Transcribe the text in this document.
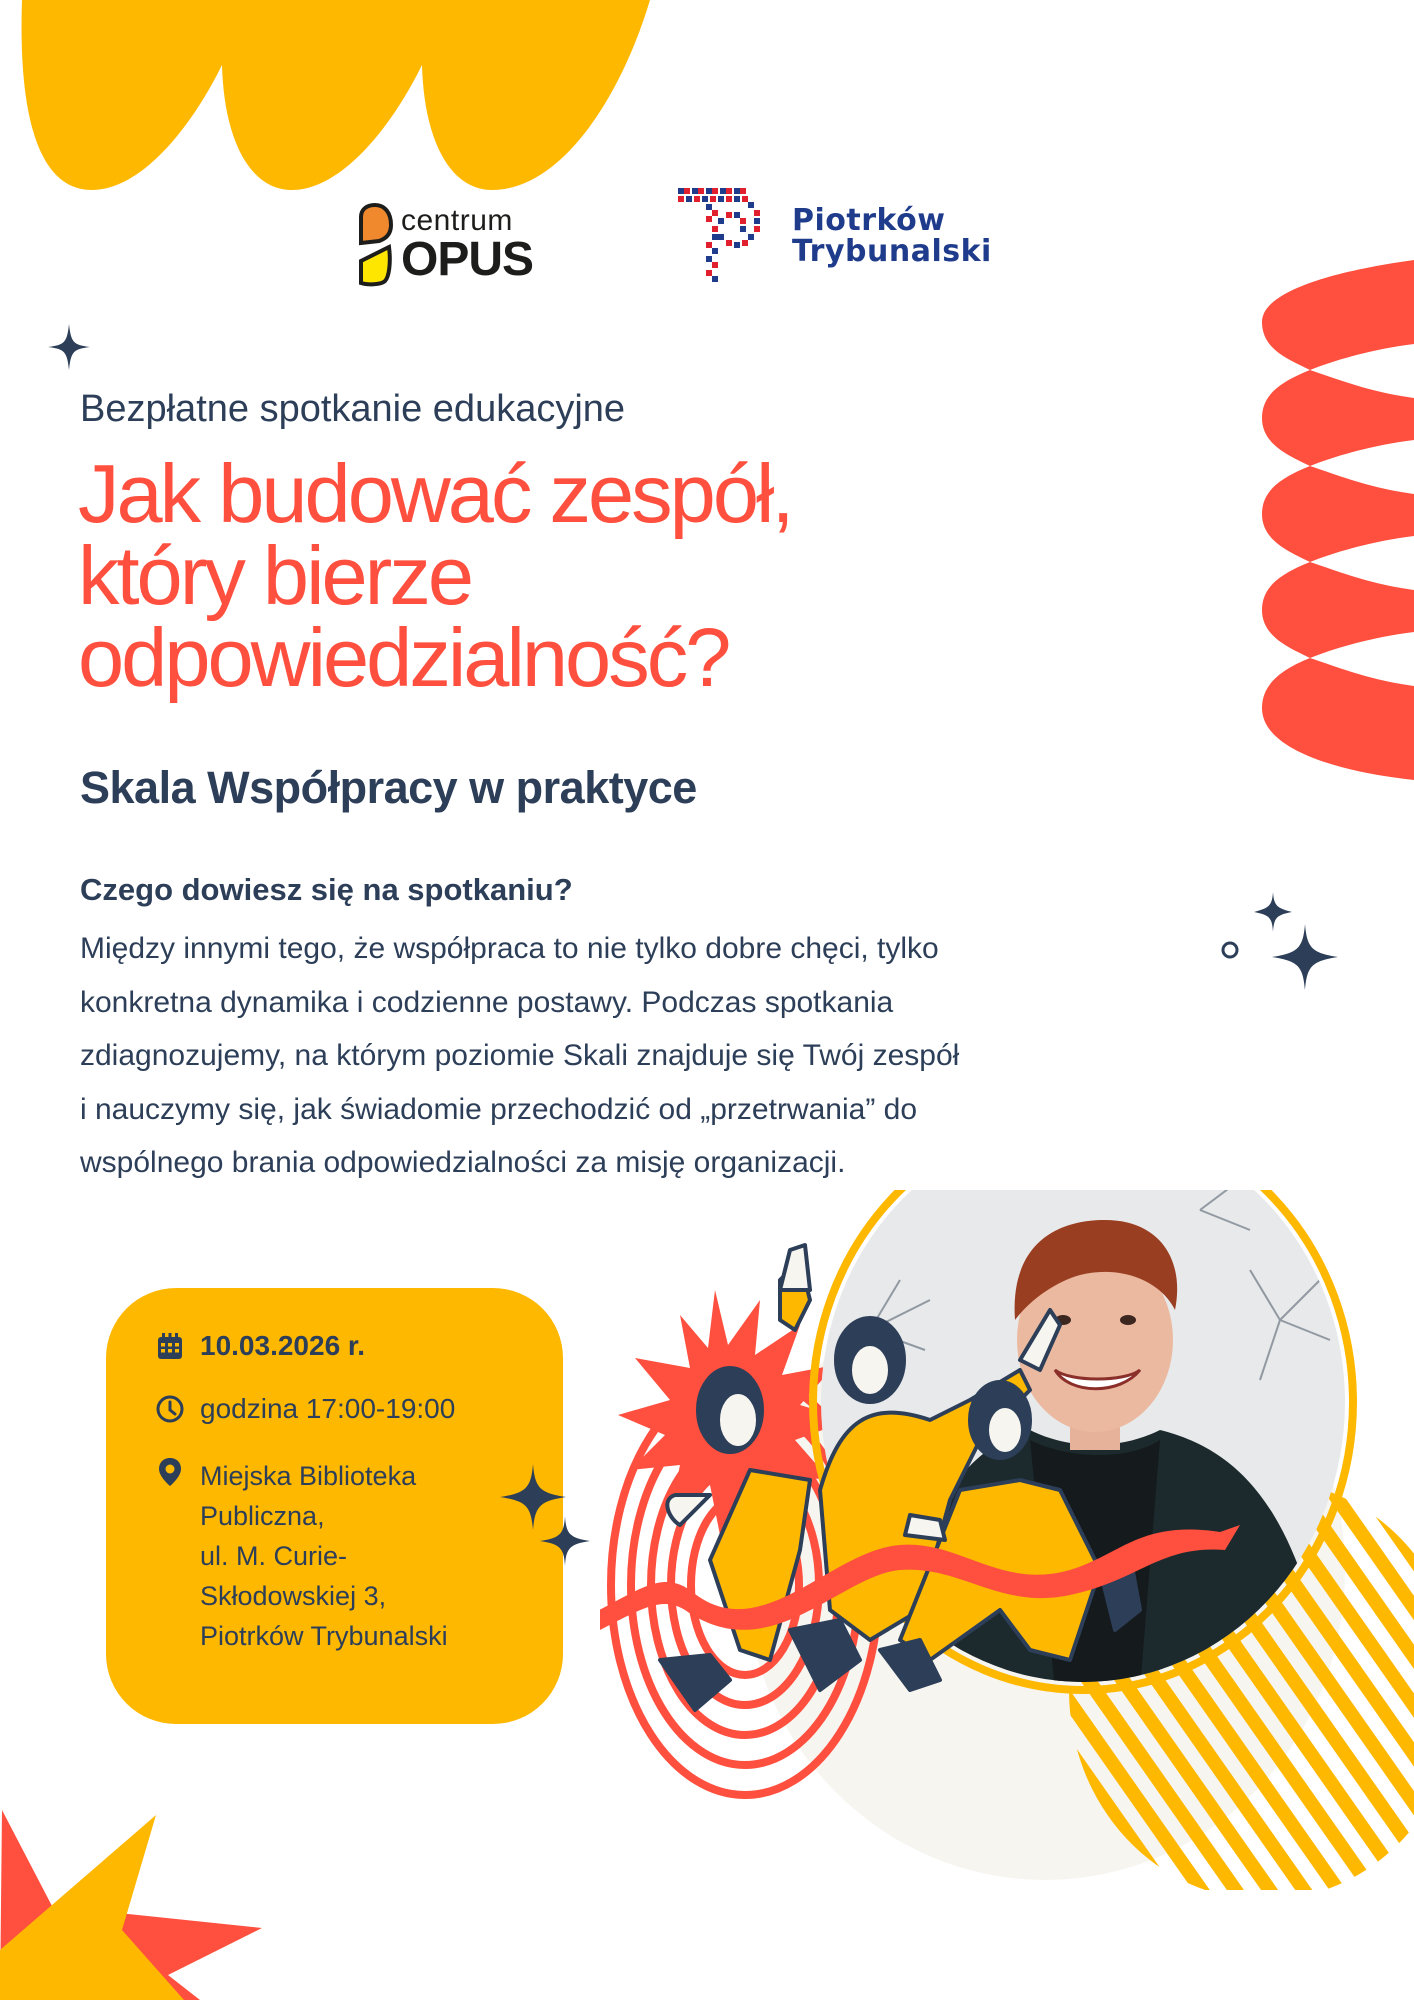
centrum
OPUS
Piotrków
Trybunalski
Bezpłatne spotkanie edukacyjne
Jak budować zespół,
który bierze
odpowiedzialność?
Skala Współpracy w praktyce
Czego dowiesz się na spotkaniu?
Między innymi tego, że współpraca to nie tylko dobre chęci, tylko
konkretna dynamika i codzienne postawy. Podczas spotkania
zdiagnozujemy, na którym poziomie Skali znajduje się Twój zespół
i nauczymy się, jak świadomie przechodzić od „przetrwania” do
wspólnego brania odpowiedzialności za misję organizacji.
10.03.2026 r.
godzina 17:00-19:00
Miejska Biblioteka
Publiczna,
ul. M. Curie-
Skłodowskiej 3,
Piotrków Trybunalski
